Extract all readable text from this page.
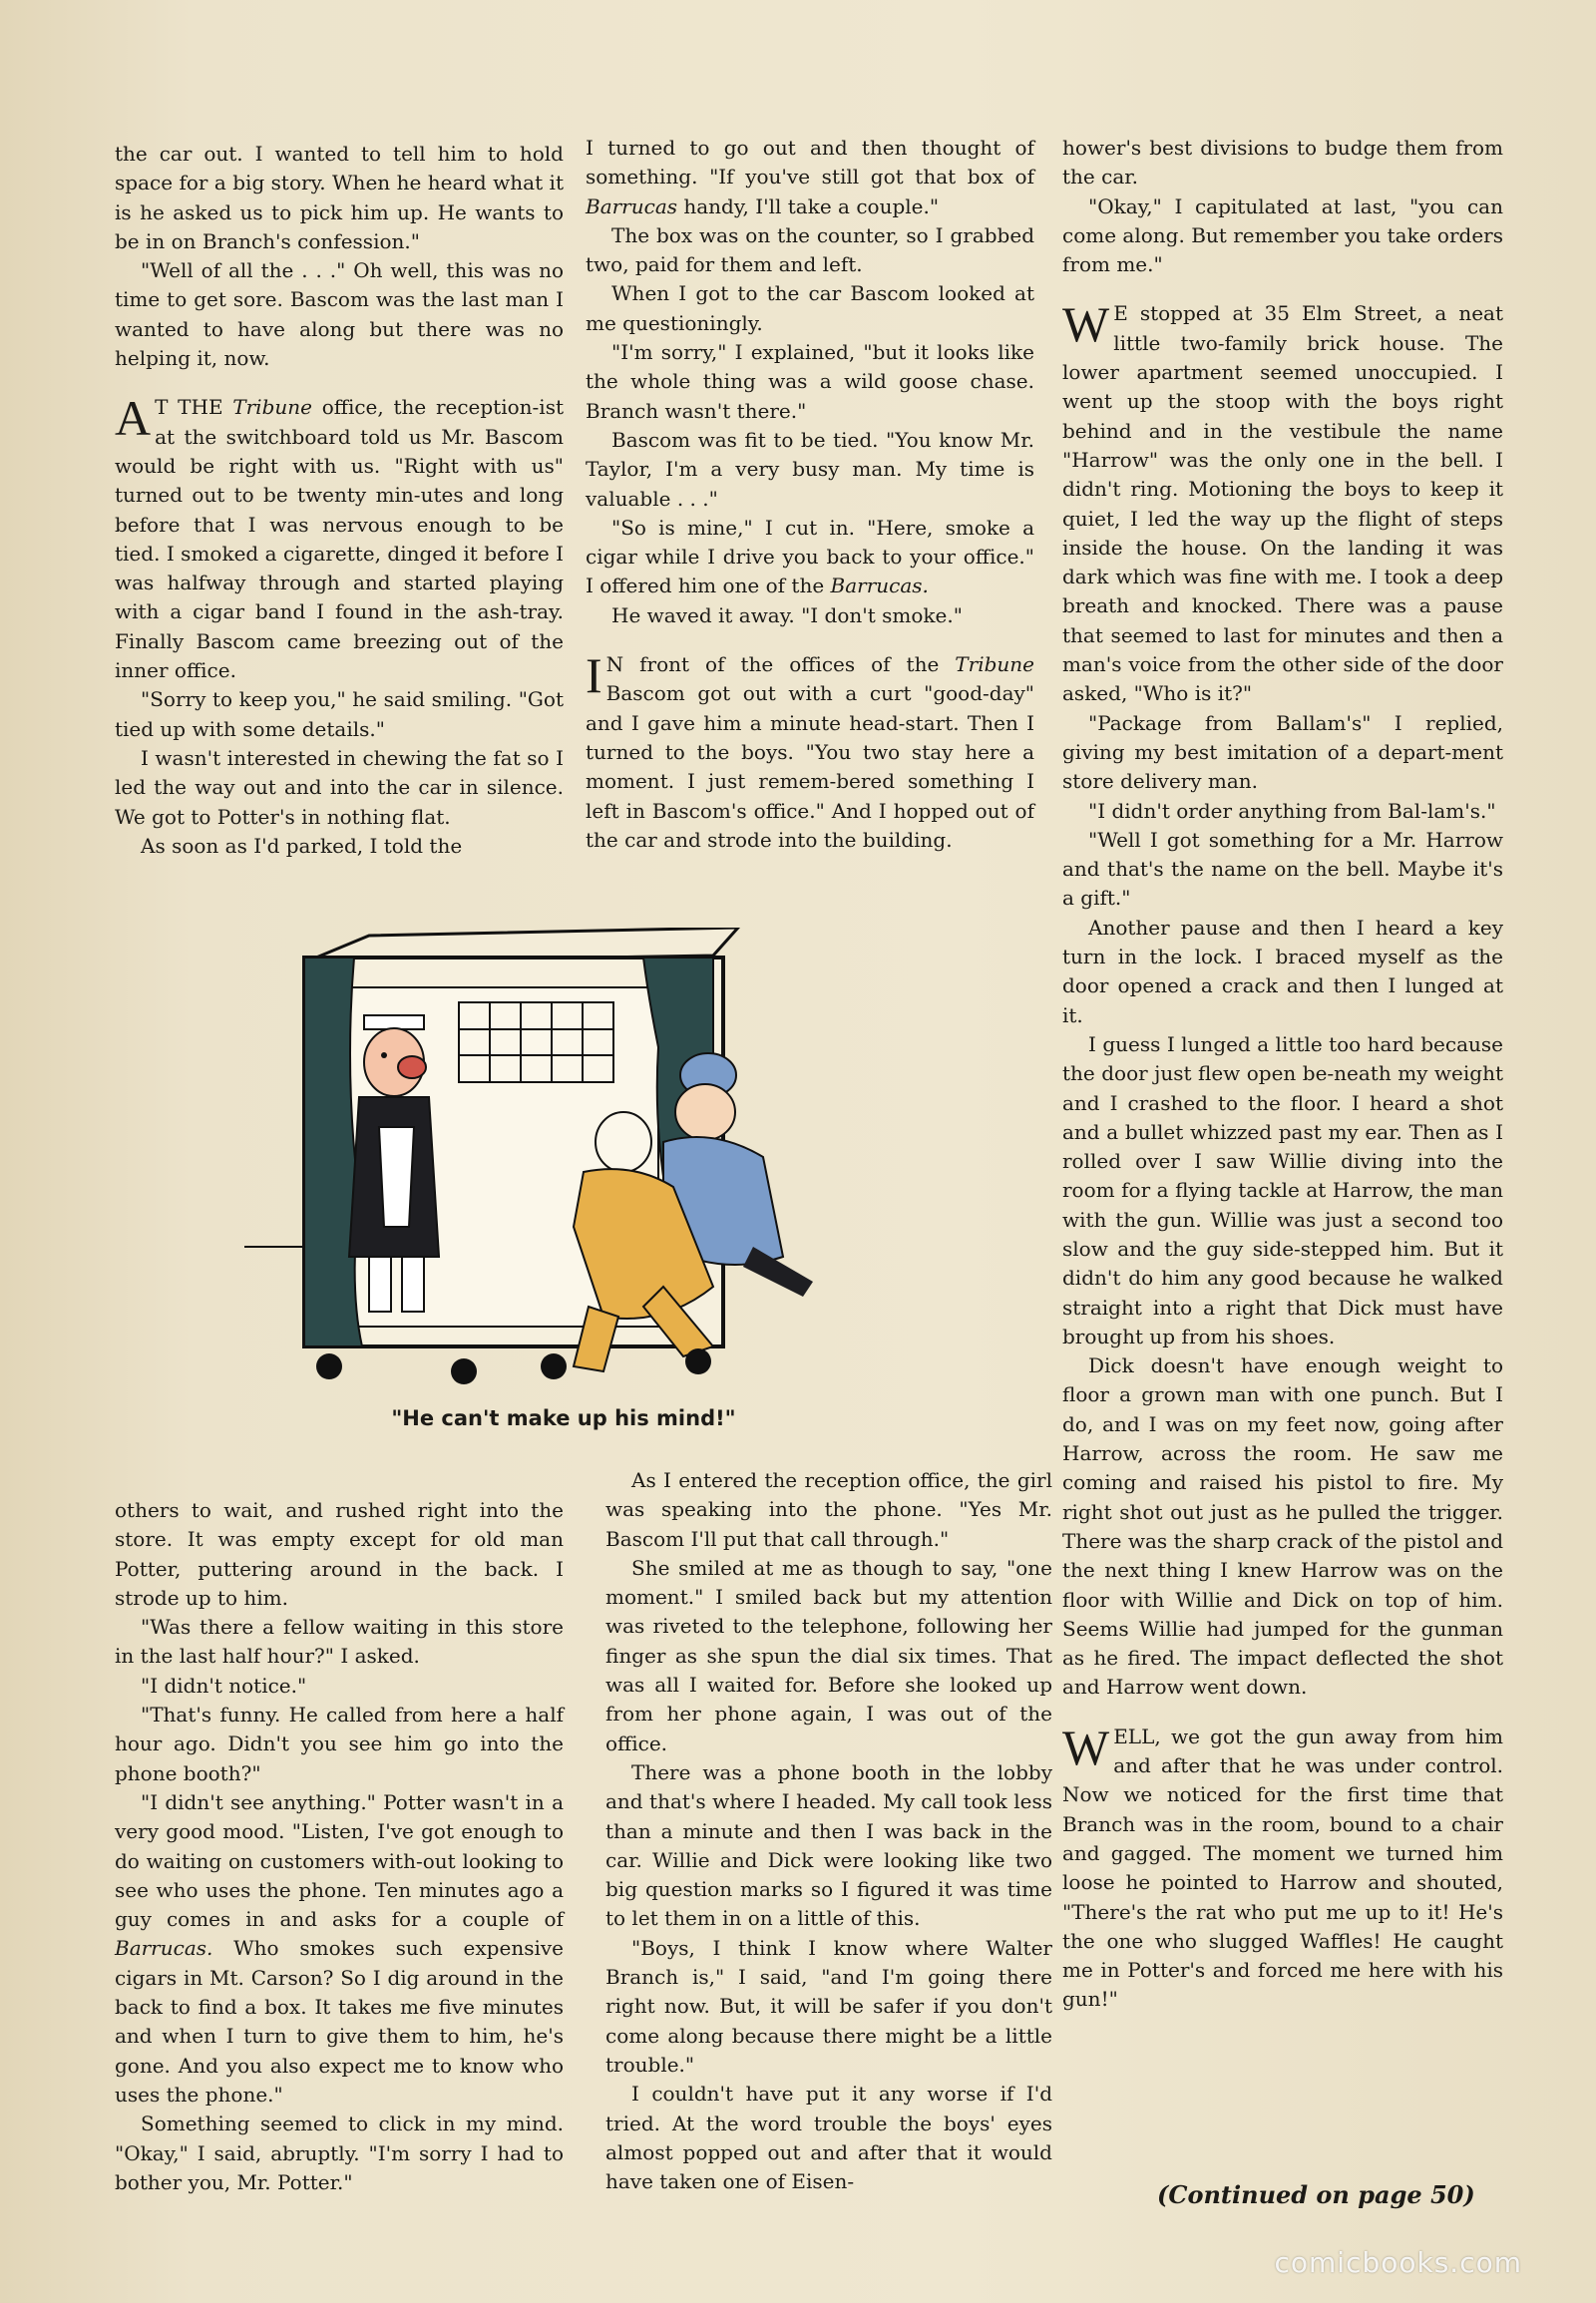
the car out. I wanted to tell him to hold space for a big story. When he heard what it is he asked us to pick him up. He wants to be in on Branch's confession."

"Well of all the . . ." Oh well, this was no time to get sore. Bascom was the last man I wanted to have along but there was no helping it, now.

A T THE Tribune office, the reception-ist at the switchboard told us Mr. Bascom would be right with us. "Right with us" turned out to be twenty min-utes and long before that I was nervous enough to be tied. I smoked a cigarette, dinged it before I was halfway through and started playing with a cigar band I found in the ash-tray. Finally Bascom came breezing out of the inner office.

"Sorry to keep you," he said smiling. "Got tied up with some details."

I wasn't interested in chewing the fat so I led the way out and into the car in silence. We got to Potter's in nothing flat.

As soon as I'd parked, I told the

I turned to go out and then thought of something. "If you've still got that box of Barrucas handy, I'll take a couple."

The box was on the counter, so I grabbed two, paid for them and left.

When I got to the car Bascom looked at me questioningly.

"I'm sorry," I explained, "but it looks like the whole thing was a wild goose chase. Branch wasn't there."

Bascom was fit to be tied. "You know Mr. Taylor, I'm a very busy man. My time is valuable . . ."

"So is mine," I cut in. "Here, smoke a cigar while I drive you back to your office." I offered him one of the Barrucas.

He waved it away. "I don't smoke."

I N front of the offices of the Tribune Bascom got out with a curt "good-day" and I gave him a minute head-start. Then I turned to the boys. "You two stay here a moment. I just remem-bered something I left in Bascom's office." And I hopped out of the car and strode into the building.

hower's best divisions to budge them from the car.

"Okay," I capitulated at last, "you can come along. But remember you take orders from me."

W E stopped at 35 Elm Street, a neat little two-family brick house. The lower apartment seemed unoccupied. I went up the stoop with the boys right behind and in the vestibule the name "Harrow" was the only one in the bell. I didn't ring. Motioning the boys to keep it quiet, I led the way up the flight of steps inside the house. On the landing it was dark which was fine with me. I took a deep breath and knocked. There was a pause that seemed to last for minutes and then a man's voice from the other side of the door asked, "Who is it?"

"Package from Ballam's" I replied, giving my best imitation of a depart-ment store delivery man.

"I didn't order anything from Bal-lam's."

"Well I got something for a Mr. Harrow and that's the name on the bell. Maybe it's a gift."

Another pause and then I heard a key turn in the lock. I braced myself as the door opened a crack and then I lunged at it.

I guess I lunged a little too hard because the door just flew open be-neath my weight and I crashed to the floor. I heard a shot and a bullet whizzed past my ear. Then as I rolled over I saw Willie diving into the room for a flying tackle at Harrow, the man with the gun. Willie was just a second too slow and the guy side-stepped him. But it didn't do him any good because he walked straight into a right that Dick must have brought up from his shoes.

Dick doesn't have enough weight to floor a grown man with one punch. But I do, and I was on my feet now, going after Harrow, across the room. He saw me coming and raised his pistol to fire. My right shot out just as he pulled the trigger. There was the sharp crack of the pistol and the next thing I knew Harrow was on the floor with Willie and Dick on top of him. Seems Willie had jumped for the gunman as he fired. The impact deflected the shot and Harrow went down.

WELL, we got the gun away from him and after that he was under control. Now we noticed for the first time that Branch was in the room, bound to a chair and gagged. The moment we turned him loose he pointed to Harrow and shouted, "There's the rat who put me up to it! He's the one who slugged Waffles! He caught me in Potter's and forced me here with his gun!"

"He can't make up his mind!"

others to wait, and rushed right into the store. It was empty except for old man Potter, puttering around in the back. I strode up to him.

"Was there a fellow waiting in this store in the last half hour?" I asked.

"I didn't notice."

"That's funny. He called from here a half hour ago. Didn't you see him go into the phone booth?"

"I didn't see anything." Potter wasn't in a very good mood. "Listen, I've got enough to do waiting on customers with-out looking to see who uses the phone. Ten minutes ago a guy comes in and asks for a couple of Barrucas. Who smokes such expensive cigars in Mt. Carson? So I dig around in the back to find a box. It takes me five minutes and when I turn to give them to him, he's gone. And you also expect me to know who uses the phone."

Something seemed to click in my mind. "Okay," I said, abruptly. "I'm sorry I had to bother you, Mr. Potter."

As I entered the reception office, the girl was speaking into the phone. "Yes Mr. Bascom I'll put that call through."

She smiled at me as though to say, "one moment." I smiled back but my attention was riveted to the telephone, following her finger as she spun the dial six times. That was all I waited for. Before she looked up from her phone again, I was out of the office.

There was a phone booth in the lobby and that's where I headed. My call took less than a minute and then I was back in the car. Willie and Dick were looking like two big question marks so I figured it was time to let them in on a little of this.

"Boys, I think I know where Walter Branch is," I said, "and I'm going there right now. But, it will be safer if you don't come along because there might be a little trouble."

I couldn't have put it any worse if I'd tried. At the word trouble the boys' eyes almost popped out and after that it would have taken one of Eisen-	(Continued on page 50)
comicbooks.com
